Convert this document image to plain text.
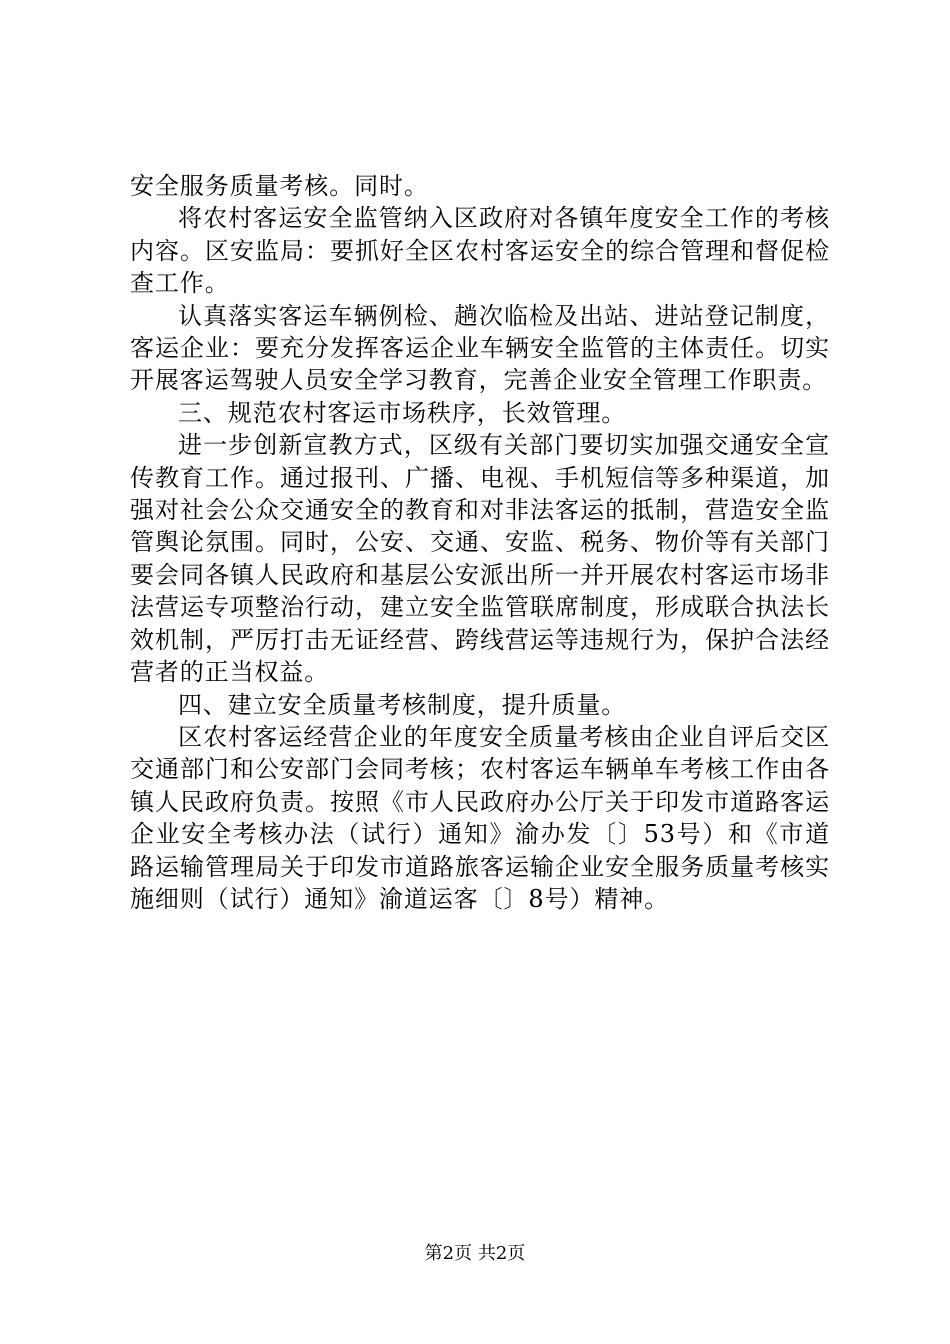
安全服务质量考核。同时。

将农村客运安全监管纳入区政府对各镇年度安全工作的考核内容。区安监局：要抓好全区农村客运安全的综合管理和督促检查工作。

认真落实客运车辆例检、趟次临检及出站、进站登记制度，客运企业：要充分发挥客运企业车辆安全监管的主体责任。切实开展客运驾驶人员安全学习教育，完善企业安全管理工作职责。

三、规范农村客运市场秩序，长效管理。

进一步创新宣教方式，区级有关部门要切实加强交通安全宣传教育工作。通过报刊、广播、电视、手机短信等多种渠道，加强对社会公众交通安全的教育和对非法客运的抵制，营造安全监管舆论氛围。同时，公安、交通、安监、税务、物价等有关部门要会同各镇人民政府和基层公安派出所一并开展农村客运市场非法营运专项整治行动，建立安全监管联席制度，形成联合执法长效机制，严厉打击无证经营、跨线营运等违规行为，保护合法经营者的正当权益。

四、建立安全质量考核制度，提升质量。

区农村客运经营企业的年度安全质量考核由企业自评后交区交通部门和公安部门会同考核；农村客运车辆单车考核工作由各镇人民政府负责。按照《市人民政府办公厅关于印发市道路客运企业安全考核办法（试行）通知》渝办发〔〕53号）和《市道路运输管理局关于印发市道路旅客运输企业安全服务质量考核实施细则（试行）通知》渝道运客〔〕8号）精神。

第2页 共2页
